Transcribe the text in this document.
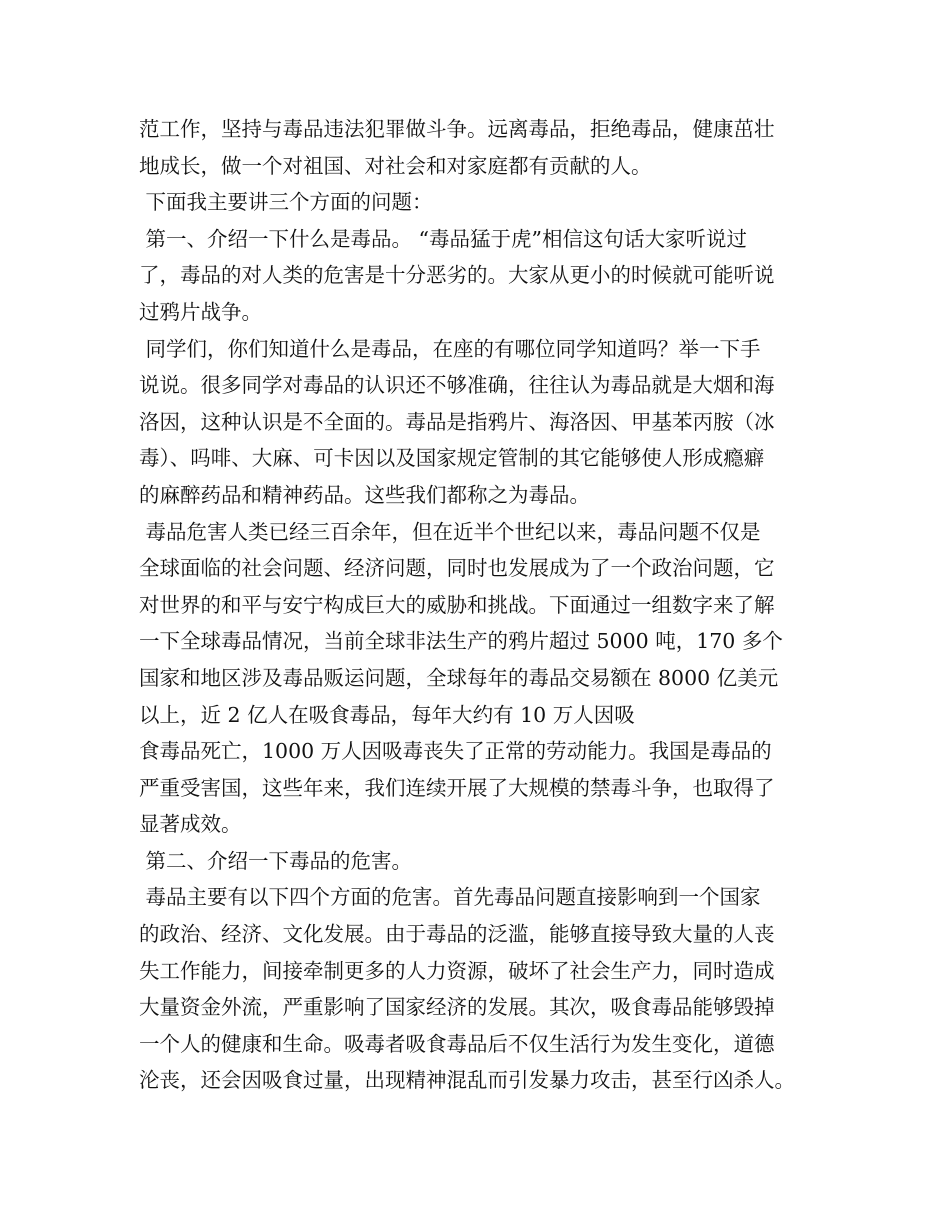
范工作，坚持与毒品违法犯罪做斗争。远离毒品，拒绝毒品，健康茁壮
地成长，做一个对祖国、对社会和对家庭都有贡献的人。
下面我主要讲三个方面的问题：
第一、介绍一下什么是毒品。 “毒品猛于虎”相信这句话大家听说过
了，毒品的对人类的危害是十分恶劣的。大家从更小的时候就可能听说
过鸦片战争。
同学们，你们知道什么是毒品，在座的有哪位同学知道吗？举一下手
说说。很多同学对毒品的认识还不够准确，往往认为毒品就是大烟和海
洛因，这种认识是不全面的。毒品是指鸦片、海洛因、甲基苯丙胺（冰
毒）、吗啡、大麻、可卡因以及国家规定管制的其它能够使人形成瘾癖
的麻醉药品和精神药品。这些我们都称之为毒品。
毒品危害人类已经三百余年，但在近半个世纪以来，毒品问题不仅是
全球面临的社会问题、经济问题，同时也发展成为了一个政治问题，它
对世界的和平与安宁构成巨大的威胁和挑战。下面通过一组数字来了解
一下全球毒品情况，当前全球非法生产的鸦片超过 5000 吨，170 多个
国家和地区涉及毒品贩运问题，全球每年的毒品交易额在 8000 亿美元
以上，近 2 亿人在吸食毒品，每年大约有 10 万人因吸
食毒品死亡，1000 万人因吸毒丧失了正常的劳动能力。我国是毒品的
严重受害国，这些年来，我们连续开展了大规模的禁毒斗争，也取得了
显著成效。
第二、介绍一下毒品的危害。
毒品主要有以下四个方面的危害。首先毒品问题直接影响到一个国家
的政治、经济、文化发展。由于毒品的泛滥，能够直接导致大量的人丧
失工作能力，间接牵制更多的人力资源，破坏了社会生产力，同时造成
大量资金外流，严重影响了国家经济的发展。其次，吸食毒品能够毁掉
一个人的健康和生命。吸毒者吸食毒品后不仅生活行为发生变化，道德
沦丧，还会因吸食过量，出现精神混乱而引发暴力攻击，甚至行凶杀人。
